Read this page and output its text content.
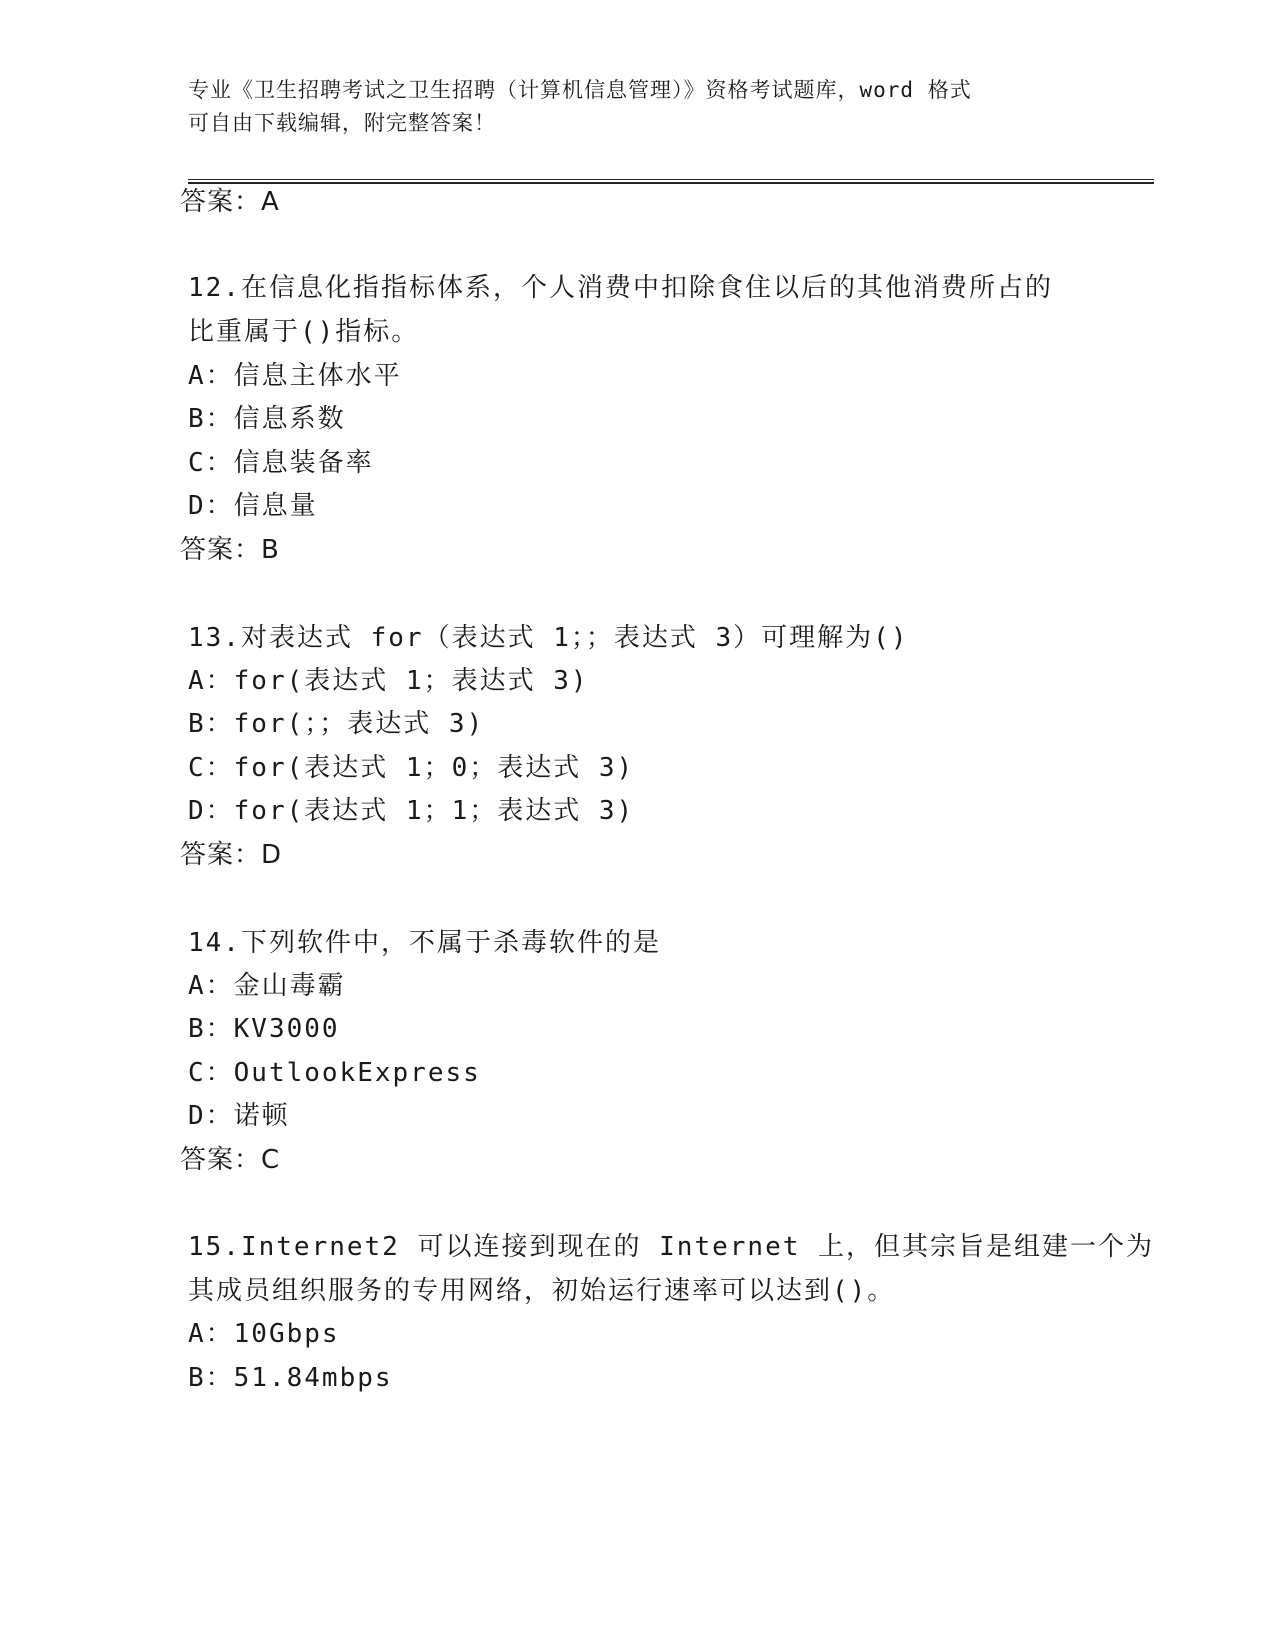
专业《卫生招聘考试之卫生招聘（计算机信息管理）》资格考试题库，word 格式
可自由下载编辑，附完整答案！
答案：A
12.在信息化指指标体系，个人消费中扣除食住以后的其他消费所占的
比重属于()指标。
A：信息主体水平
B：信息系数
C：信息装备率
D：信息量
答案：B
13.对表达式 for（表达式 1；；表达式 3）可理解为()
A：for(表达式 1；表达式 3)
B：for(；；表达式 3)
C：for(表达式 1；0；表达式 3)
D：for(表达式 1；1；表达式 3)
答案：D
14.下列软件中，不属于杀毒软件的是
A：金山毒霸
B：KV3000
C：OutlookExpress
D：诺顿
答案：C
15.Internet2 可以连接到现在的 Internet 上，但其宗旨是组建一个为
其成员组织服务的专用网络，初始运行速率可以达到()。
A：10Gbps
B：51.84mbps
